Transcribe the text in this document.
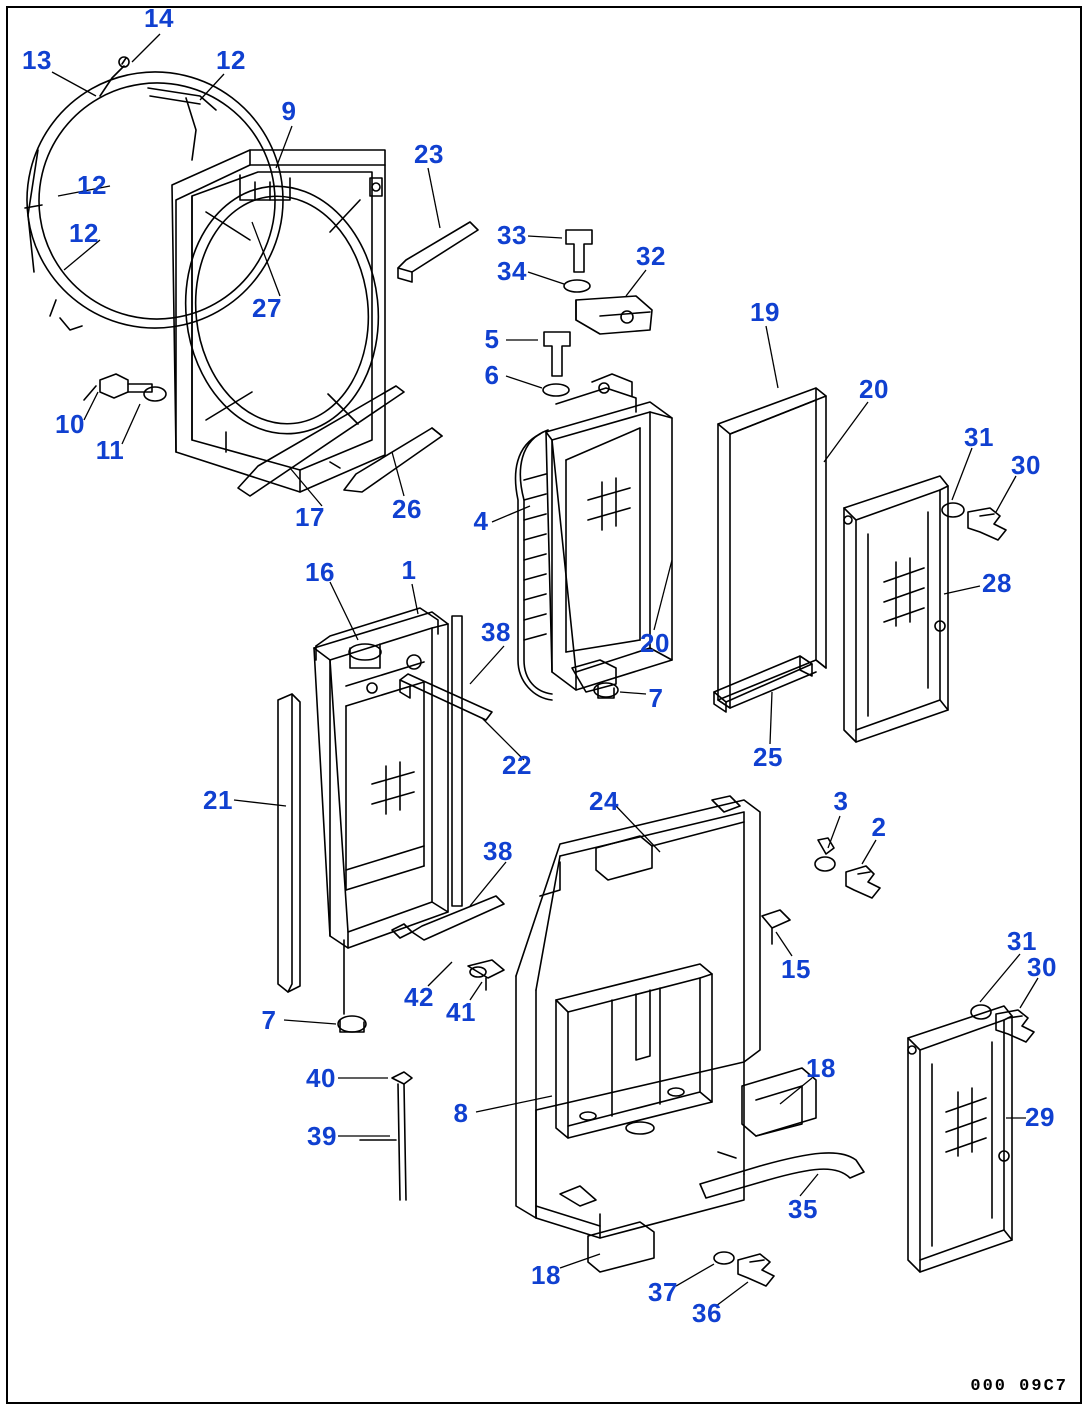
14
13	12
9
12
23
12	33
32
34
27	19
5
6	20
10
11	31
30
17	26 4
28
16	1
20
38
7
22	25
21	24	3
2
38
15
31
30
42 41
7
40	18
8
39
29
35
18
37
36
000 09C7
